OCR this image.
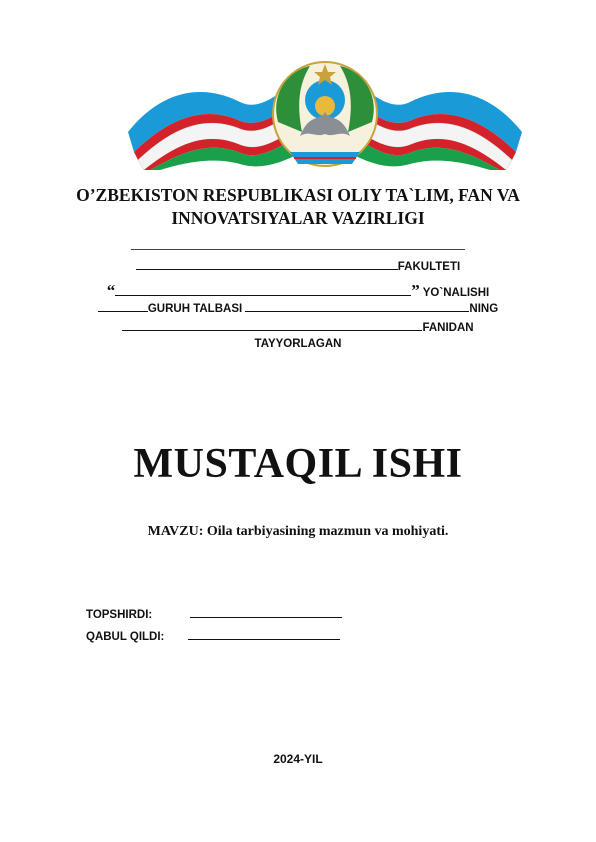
O’ZBEKISTON RESPUBLIKASI OLIY TA`LIM, FAN VA
INNOVATSIYALAR VAZIRLIGI
FAKULTETI
“	” YO`NALISHI
GURUH TALBASI	NING
FANIDAN
TAYYORLAGAN
MUSTAQIL ISHI
MAVZU: Oila tarbiyasining mazmun va mohiyati.
TOPSHIRDI:
QABUL QILDI:
2024-YIL
